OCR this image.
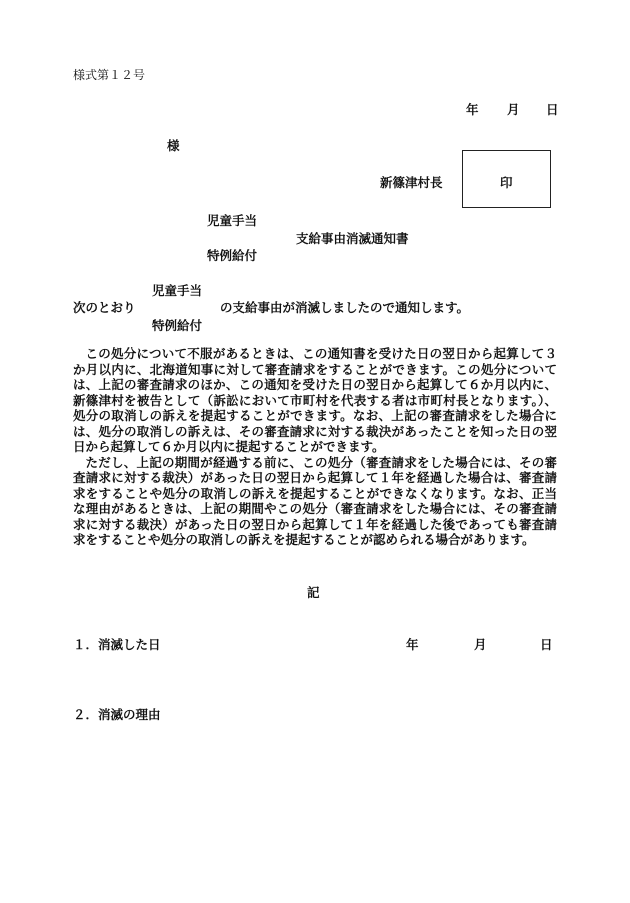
様式第１２号
年 月 日
様
新篠津村長	印
児童手当
支給事由消滅通知書
特例給付
児童手当
次のとおり	の支給事由が消滅しましたので通知します。
特例給付

この処分について不服があるときは、この通知書を受けた日の翌日から起算して３か月以内に、北海道知事に対して審査請求をすることができます。この処分については、上記の審査請求のほか、この通知を受けた日の翌日から起算して６か月以内に、新篠津村を被告として（訴訟において市町村を代表する者は市町村長となります。）、処分の取消しの訴えを提起することができます。なお、上記の審査請求をした場合には、処分の取消しの訴えは、その審査請求に対する裁決があったことを知った日の翌日から起算して６か月以内に提起することができます。

ただし、上記の期間が経過する前に、この処分（審査請求をした場合には、その審査請求に対する裁決）があった日の翌日から起算して１年を経過した場合は、審査請求をすることや処分の取消しの訴えを提起することができなくなります。なお、正当な理由があるときは、上記の期間やこの処分（審査請求をした場合には、その審査請求に対する裁決）があった日の翌日から起算して１年を経過した後であっても審査請求をすることや処分の取消しの訴えを提起することが認められる場合があります。

記
１．消滅した日	年	月	日
２．消滅の理由
